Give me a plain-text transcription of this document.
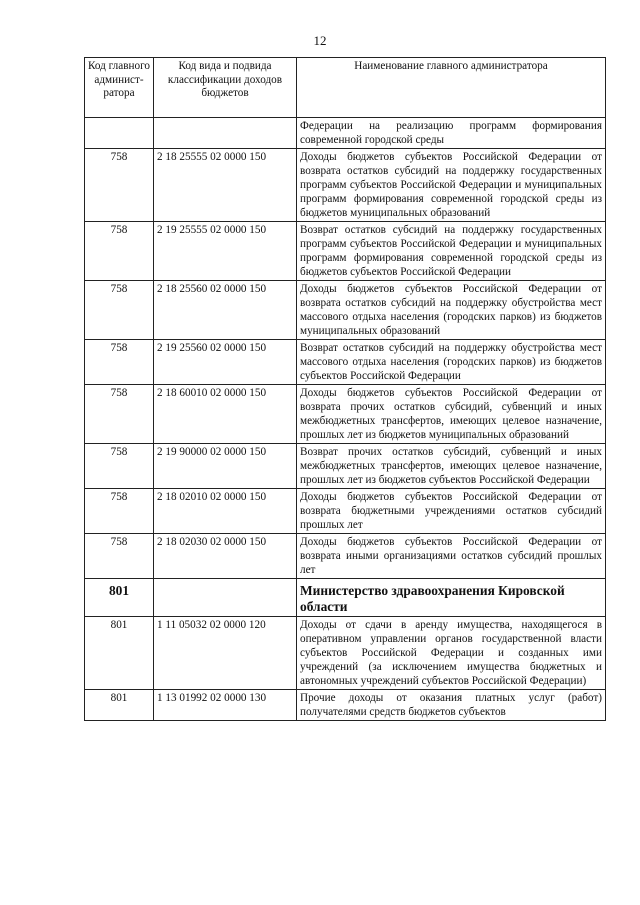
12
Код главного админист-ратора	Код вида и подвида классификации доходов бюджетов	Наименование главного администратора
		Федерации на реализацию программ формирования современной городской среды
758	2 18 25555 02 0000 150	Доходы бюджетов субъектов Российской Федерации от возврата остатков субсидий на поддержку государственных программ субъектов Российской Федерации и муниципальных программ формирования современной городской среды из бюджетов муниципальных образований
758	2 19 25555 02 0000 150	Возврат остатков субсидий на поддержку государственных программ субъектов Российской Федерации и муниципальных программ формирования современной городской среды из бюджетов субъектов Российской Федерации
758	2 18 25560 02 0000 150	Доходы бюджетов субъектов Российской Федерации от возврата остатков субсидий на поддержку обустройства мест массового отдыха населения (городских парков) из бюджетов муниципальных образований
758	2 19 25560 02 0000 150	Возврат остатков субсидий на поддержку обустройства мест массового отдыха населения (городских парков) из бюджетов субъектов Российской Федерации
758	2 18 60010 02 0000 150	Доходы бюджетов субъектов Российской Федерации от возврата прочих остатков субсидий, субвенций и иных межбюджетных трансфертов, имеющих целевое назначение, прошлых лет из бюджетов муниципальных образований
758	2 19 90000 02 0000 150	Возврат прочих остатков субсидий, субвенций и иных межбюджетных трансфертов, имеющих целевое назначение, прошлых лет из бюджетов субъектов Российской Федерации
758	2 18 02010 02 0000 150	Доходы бюджетов субъектов Российской Федерации от возврата бюджетными учреждениями остатков субсидий прошлых лет
758	2 18 02030 02 0000 150	Доходы бюджетов субъектов Российской Федерации от возврата иными организациями остатков субсидий прошлых лет
801		Министерство здравоохранения Кировской области
801	1 11 05032 02 0000 120	Доходы от сдачи в аренду имущества, находящегося в оперативном управлении органов государственной власти субъектов Российской Федерации и созданных ими учреждений (за исключением имущества бюджетных и автономных учреждений субъектов Российской Федерации)
801	1 13 01992 02 0000 130	Прочие доходы от оказания платных услуг (работ) получателями средств бюджетов субъектов
